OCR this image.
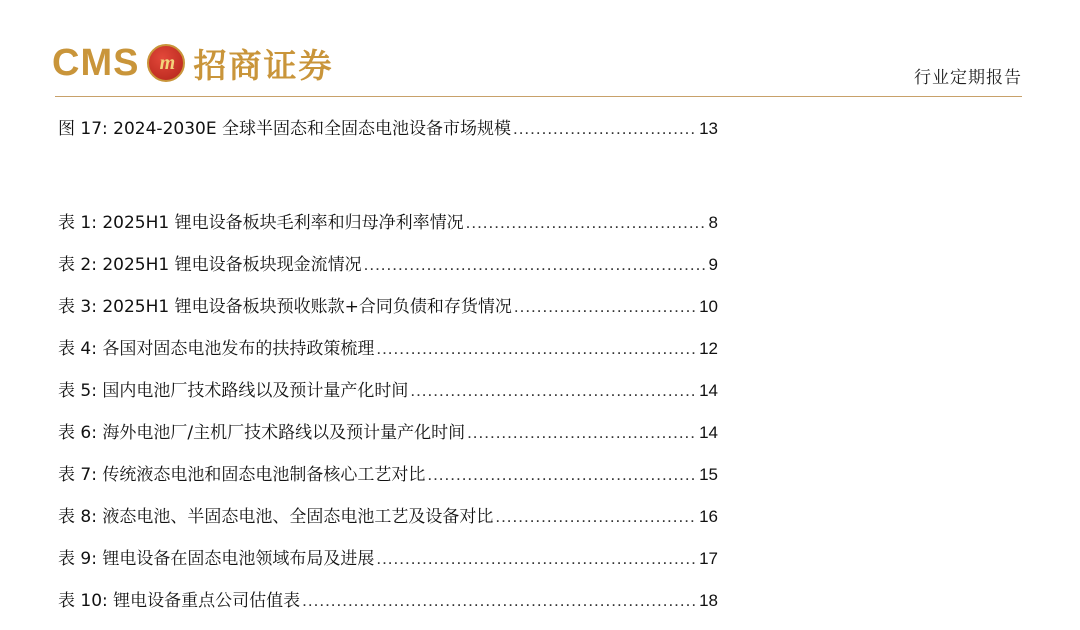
CMS m 招商证券	行业定期报告
图 17: 2024-2030E 全球半固态和全固态电池设备市场规模 .....	13
表 1: 2025H1 锂电设备板块毛利率和归母净利率情况 .....	8
表 2: 2025H1 锂电设备板块现金流情况 .....	9
表 3: 2025H1 锂电设备板块预收账款+合同负债和存货情况 .....	10
表 4: 各国对固态电池发布的扶持政策梳理 .....	12
表 5: 国内电池厂技术路线以及预计量产化时间 .....	14
表 6: 海外电池厂/主机厂技术路线以及预计量产化时间 .....	14
表 7: 传统液态电池和固态电池制备核心工艺对比 .....	15
表 8: 液态电池、半固态电池、全固态电池工艺及设备对比 .....	16
表 9: 锂电设备在固态电池领域布局及进展 .....	17
表 10: 锂电设备重点公司估值表 .....	18
